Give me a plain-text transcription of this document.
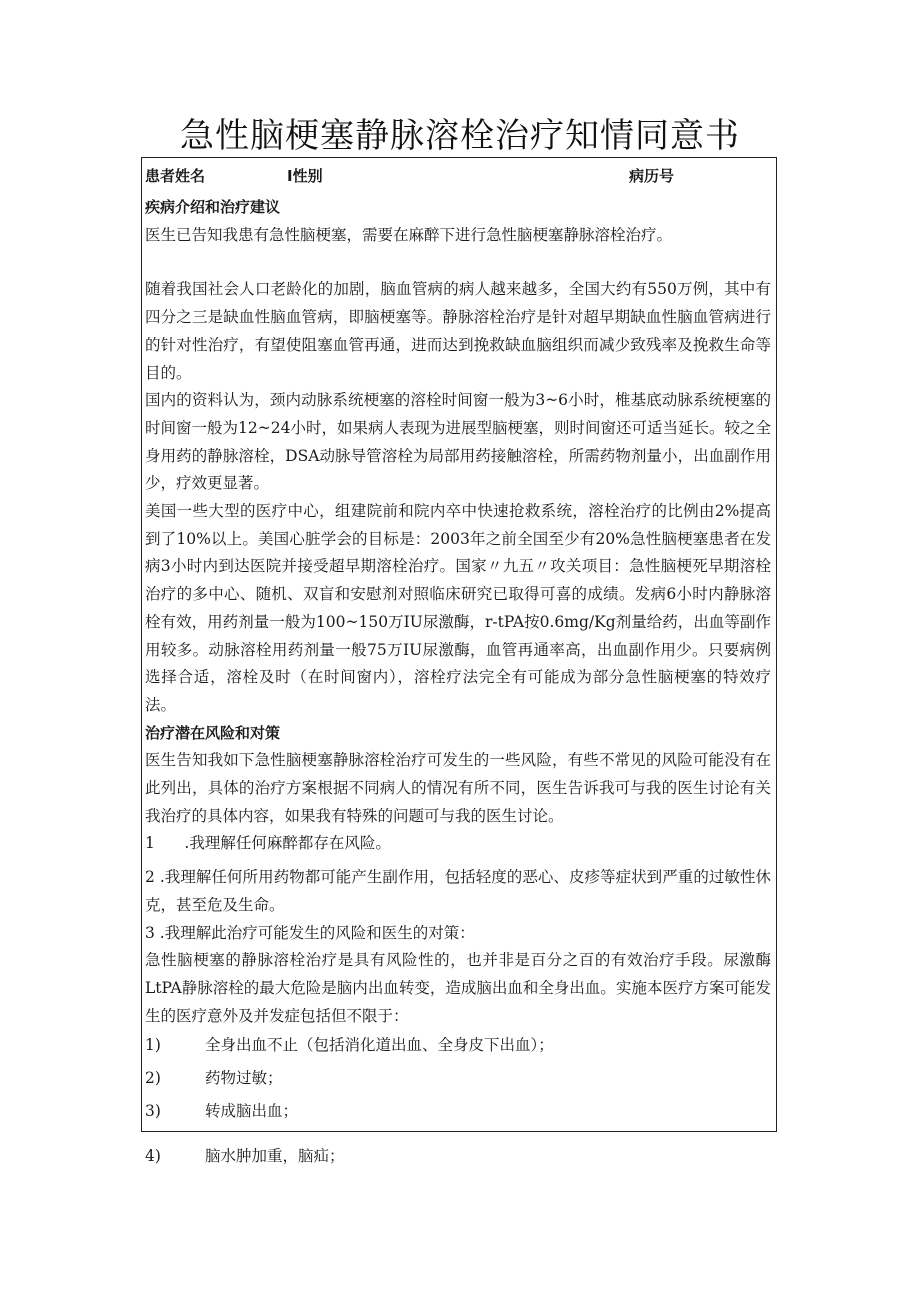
急性脑梗塞静脉溶栓治疗知情同意书
患者姓名	I性别	病历号

疾病介绍和治疗建议

医生已告知我患有急性脑梗塞，需要在麻醉下进行急性脑梗塞静脉溶栓治疗。

随着我国社会人口老龄化的加剧，脑血管病的病人越来越多，全国大约有550万例，其中有四分之三是缺血性脑血管病，即脑梗塞等。静脉溶栓治疗是针对超早期缺血性脑血管病进行的针对性治疗，有望使阻塞血管再通，进而达到挽救缺血脑组织而减少致残率及挽救生命等目的。

国内的资料认为，颈内动脉系统梗塞的溶栓时间窗一般为3~6小时，椎基底动脉系统梗塞的时间窗一般为12~24小时，如果病人表现为进展型脑梗塞，则时间窗还可适当延长。较之全身用药的静脉溶栓，DSA动脉导管溶栓为局部用药接触溶栓，所需药物剂量小，出血副作用少，疗效更显著。

美国一些大型的医疗中心，组建院前和院内卒中快速抢救系统，溶栓治疗的比例由2%提高到了10%以上。美国心脏学会的目标是：2003年之前全国至少有20%急性脑梗塞患者在发病3小时内到达医院并接受超早期溶栓治疗。国家〃九五〃攻关项目：急性脑梗死早期溶栓治疗的多中心、随机、双盲和安慰剂对照临床研究已取得可喜的成绩。发病6小时内静脉溶栓有效，用药剂量一般为100~150万IU尿激酶，r-tPA按0.6mg/Kg剂量给药，出血等副作用较多。动脉溶栓用药剂量一般75万IU尿激酶，血管再通率高，出血副作用少。只要病例选择合适，溶栓及时（在时间窗内），溶栓疗法完全有可能成为部分急性脑梗塞的特效疗法。

治疗潜在风险和对策

医生告知我如下急性脑梗塞静脉溶栓治疗可发生的一些风险，有些不常见的风险可能没有在此列出，具体的治疗方案根据不同病人的情况有所不同，医生告诉我可与我的医生讨论有关我治疗的具体内容，如果我有特殊的问题可与我的医生讨论。

1	.我理解任何麻醉都存在风险。

2 .我理解任何所用药物都可能产生副作用，包括轻度的恶心、皮疹等症状到严重的过敏性休克，甚至危及生命。

3 .我理解此治疗可能发生的风险和医生的对策：

急性脑梗塞的静脉溶栓治疗是具有风险性的，也并非是百分之百的有效治疗手段。尿激酶LtPA静脉溶栓的最大危险是脑内出血转变，造成脑出血和全身出血。实施本医疗方案可能发生的医疗意外及并发症包括但不限于：

1)	全身出血不止（包括消化道出血、全身皮下出血）；
2)	药物过敏；
3)	转成脑出血；
4)	脑水肿加重，脑疝；
